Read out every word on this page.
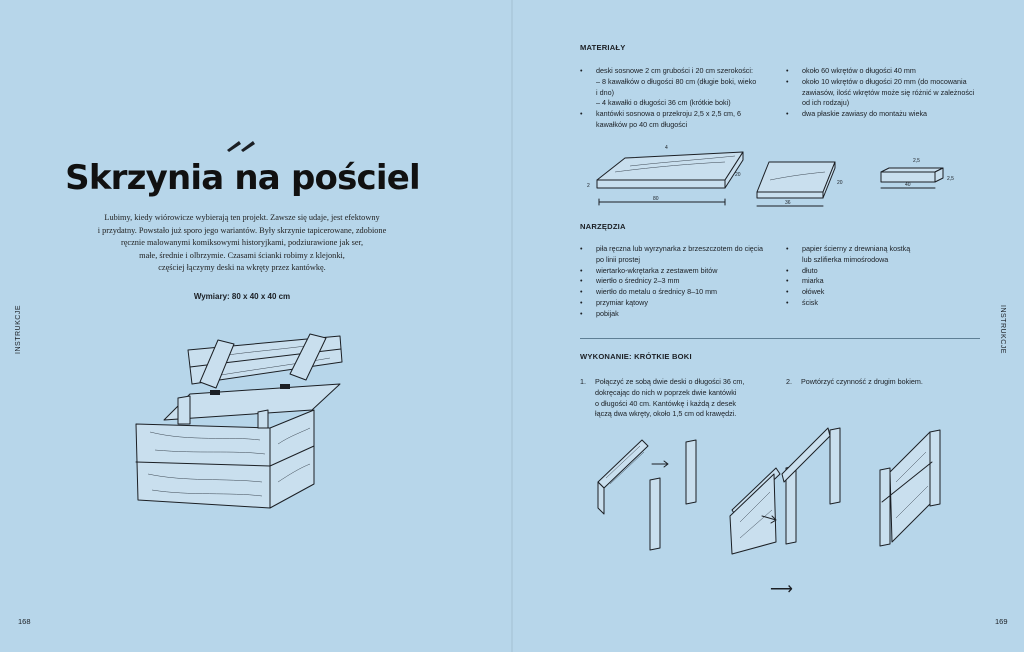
INSTRUKCJE
168
Skrzynia na pościel
Lubimy, kiedy wiórowicze wybierają ten projekt. Zawsze się udaje, jest efektowny
i przydatny. Powstało już sporo jego wariantów. Były skrzynie tapicerowane, zdobione
ręcznie malowanymi komiksowymi historyjkami, podziurawione jak ser,
małe, średnie i olbrzymie. Czasami ścianki robimy z klejonki,
częściej łączymy deski na wkręty przez kantówkę.
Wymiary: 80 x 40 x 40 cm
INSTRUKCJE
169
MATERIAŁY
• deski sosnowe 2 cm grubości i 20 cm szerokości:
– 8 kawałków o długości 80 cm (długie boki, wieko
i dno)
– 4 kawałki o długości 36 cm (krótkie boki)
• kantówki sosnowa o przekroju 2,5 x 2,5 cm, 6
kawałków po 40 cm długości
• około 60 wkrętów o długości 40 mm
• około 10 wkrętów o długości 20 mm (do mocowania
zawiasów, ilość wkrętów może się różnić w zależności
od ich rodzaju)
• dwa płaskie zawiasy do montażu wieka
80
4
20
2
36
20	40
2,5
2,5
NARZĘDZIA
• piła ręczna lub wyrzynarka z brzeszczotem do cięcia
po linii prostej
• wiertarko-wkrętarka z zestawem bitów
• wiertło o średnicy 2–3 mm
• wiertło do metalu o średnicy 8–10 mm
• przymiar kątowy
• pobijak
• papier ścierny z drewnianą kostką
lub szlifierka mimośrodowa
• dłuto
• miarka
• ołówek
• ścisk
WYKONANIE: KRÓTKIE BOKI
1. Połączyć ze sobą dwie deski o długości 36 cm,
dokręcając do nich w poprzek dwie kantówki
o długości 40 cm. Kantówkę i każdą z desek
łączą dwa wkręty, około 1,5 cm od krawędzi.
2. Powtórzyć czynność z drugim bokiem.
⟶
